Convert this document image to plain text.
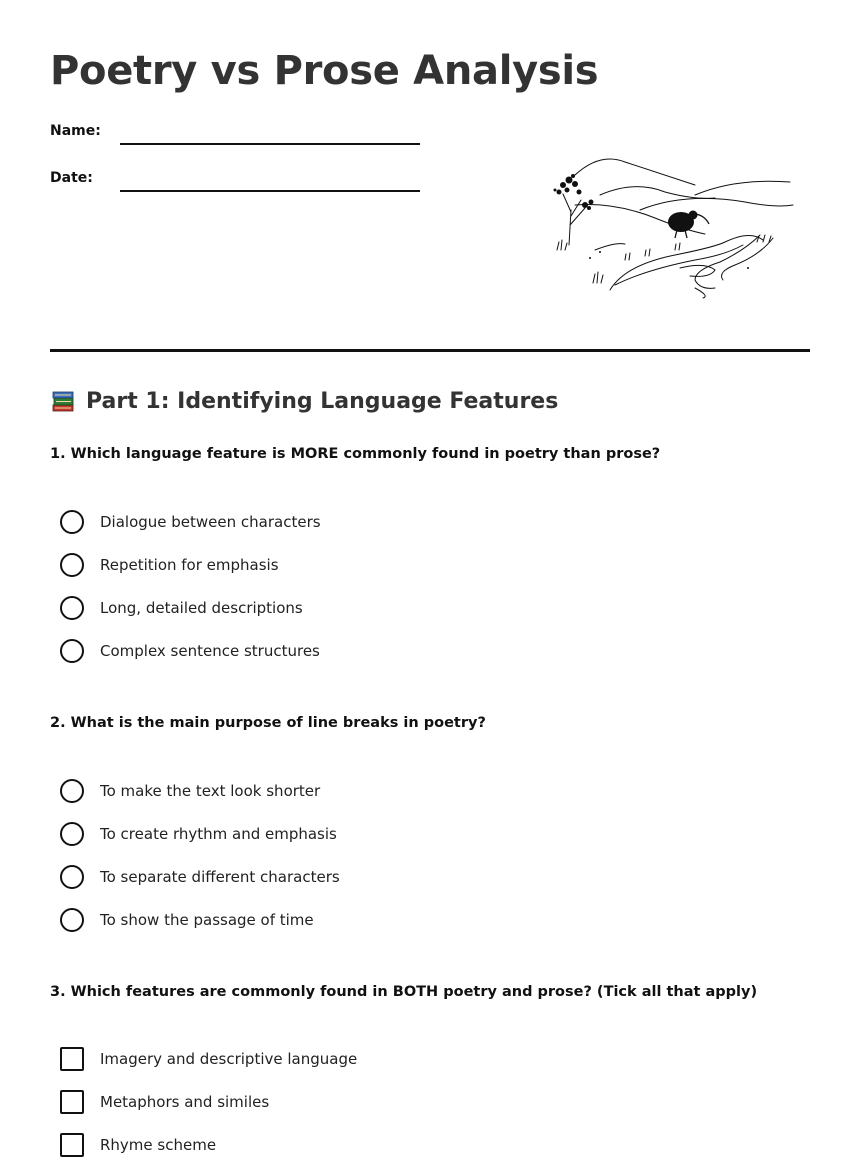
Poetry vs Prose Analysis
Name:
Date:
Part 1: Identifying Language Features

1. Which language feature is MORE commonly found in poetry than prose?

Dialogue between characters
Repetition for emphasis
Long, detailed descriptions
Complex sentence structures

2. What is the main purpose of line breaks in poetry?

To make the text look shorter
To create rhythm and emphasis
To separate different characters
To show the passage of time

3. Which features are commonly found in BOTH poetry and prose? (Tick all that apply)

Imagery and descriptive language
Metaphors and similes
Rhyme scheme
